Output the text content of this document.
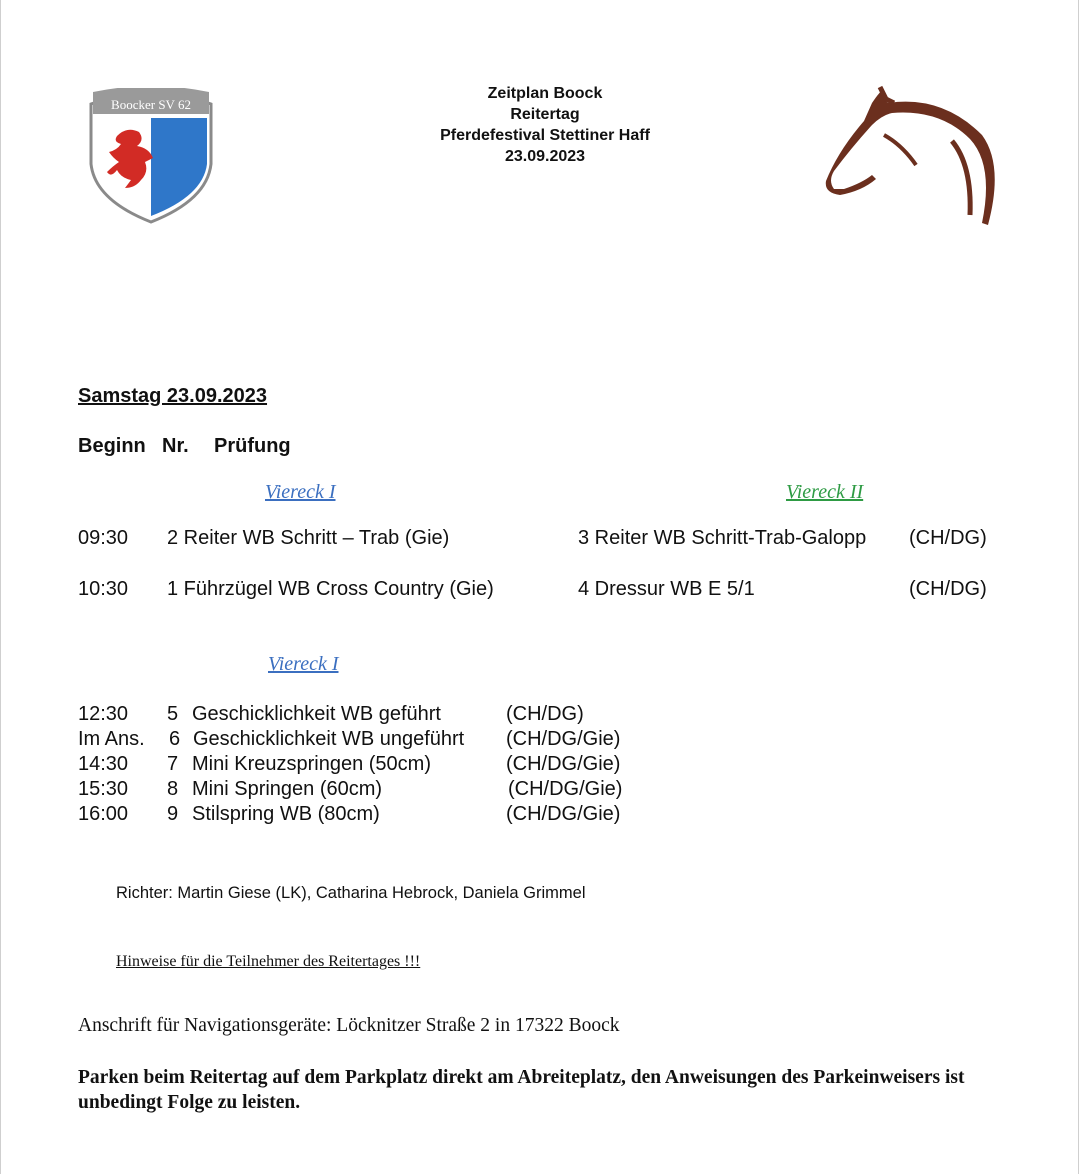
Boocker SV 62
Zeitplan Boock
Reitertag
Pferdefestival Stettiner Haff
23.09.2023
Samstag 23.09.2023
Beginn Nr. Prüfung
Viereck I	Viereck II
09:30 2 Reiter WB Schritt – Trab (Gie)	3 Reiter WB Schritt-Trab-Galopp (CH/DG)
10:30 1 Führzügel WB Cross Country (Gie)	4 Dressur WB E 5/1	(CH/DG)
Viereck I
12:30 5 Geschicklichkeit WB geführt	(CH/DG)
Im Ans. 6 Geschicklichkeit WB ungeführt (CH/DG/Gie)
14:30 7 Mini Kreuzspringen (50cm)	(CH/DG/Gie)
15:30 8 Mini Springen (60cm)	(CH/DG/Gie)
16:00 9 Stilspring WB (80cm)	(CH/DG/Gie)
Richter: Martin Giese (LK), Catharina Hebrock, Daniela Grimmel
Hinweise für die Teilnehmer des Reitertages !!!
Anschrift für Navigationsgeräte: Löcknitzer Straße 2 in 17322 Boock
Parken beim Reitertag auf dem Parkplatz direkt am Abreiteplatz, den Anweisungen des Parkeinweisers ist unbedingt Folge zu leisten.
